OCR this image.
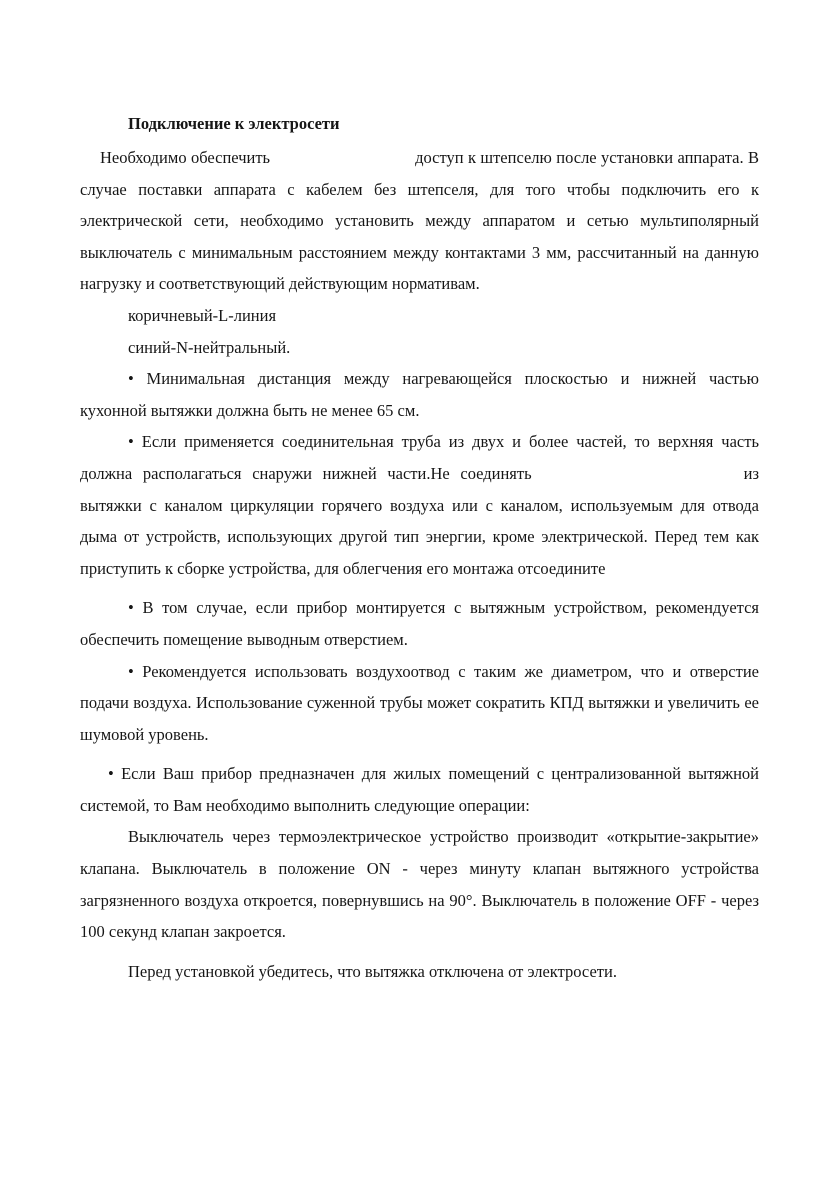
Подключение к электросети

Необходимо обеспечить	доступ к штепселю после установки аппарата. В случае поставки аппарата с кабелем без штепселя, для того чтобы подключить его к электрической сети, необходимо установить между аппаратом и сетью мультиполярный выключатель с минимальным расстоянием между контактами 3 мм, рассчитанный на данную нагрузку и соответствующий действующим нормативам.

коричневый-L-линия

синий-N-нейтральный.

• Минимальная дистанция между нагревающейся плоскостью и нижней частью кухонной вытяжки должна быть не менее 65 см.

• Если применяется соединительная труба из двух и более частей, то верхняя часть должна располагаться снаружи нижней части.Не соединять	из вытяжки с каналом циркуляции горячего воздуха или с каналом, используемым для отвода дыма от устройств, использующих другой тип энергии, кроме электрической. Перед тем как приступить к сборке устройства, для облегчения его монтажа отсоедините

• В том случае, если прибор монтируется с вытяжным устройством, рекомендуется обеспечить помещение выводным отверстием.

• Рекомендуется использовать воздухоотвод с таким же диаметром, что и отверстие подачи воздуха. Использование суженной трубы может сократить КПД вытяжки и увеличить ее шумовой уровень.

• Если Ваш прибор предназначен для жилых помещений с централизованной вытяжной системой, то Вам необходимо выполнить следующие операции:

Выключатель через термоэлектрическое устройство производит «открытие-закрытие» клапана. Выключатель в положение ON - через минуту клапан вытяжного устройства загрязненного воздуха откроется, повернувшись на 90°. Выключатель в положение OFF - через 100 секунд клапан закроется.

Перед установкой убедитесь, что вытяжка отключена от электросети.
